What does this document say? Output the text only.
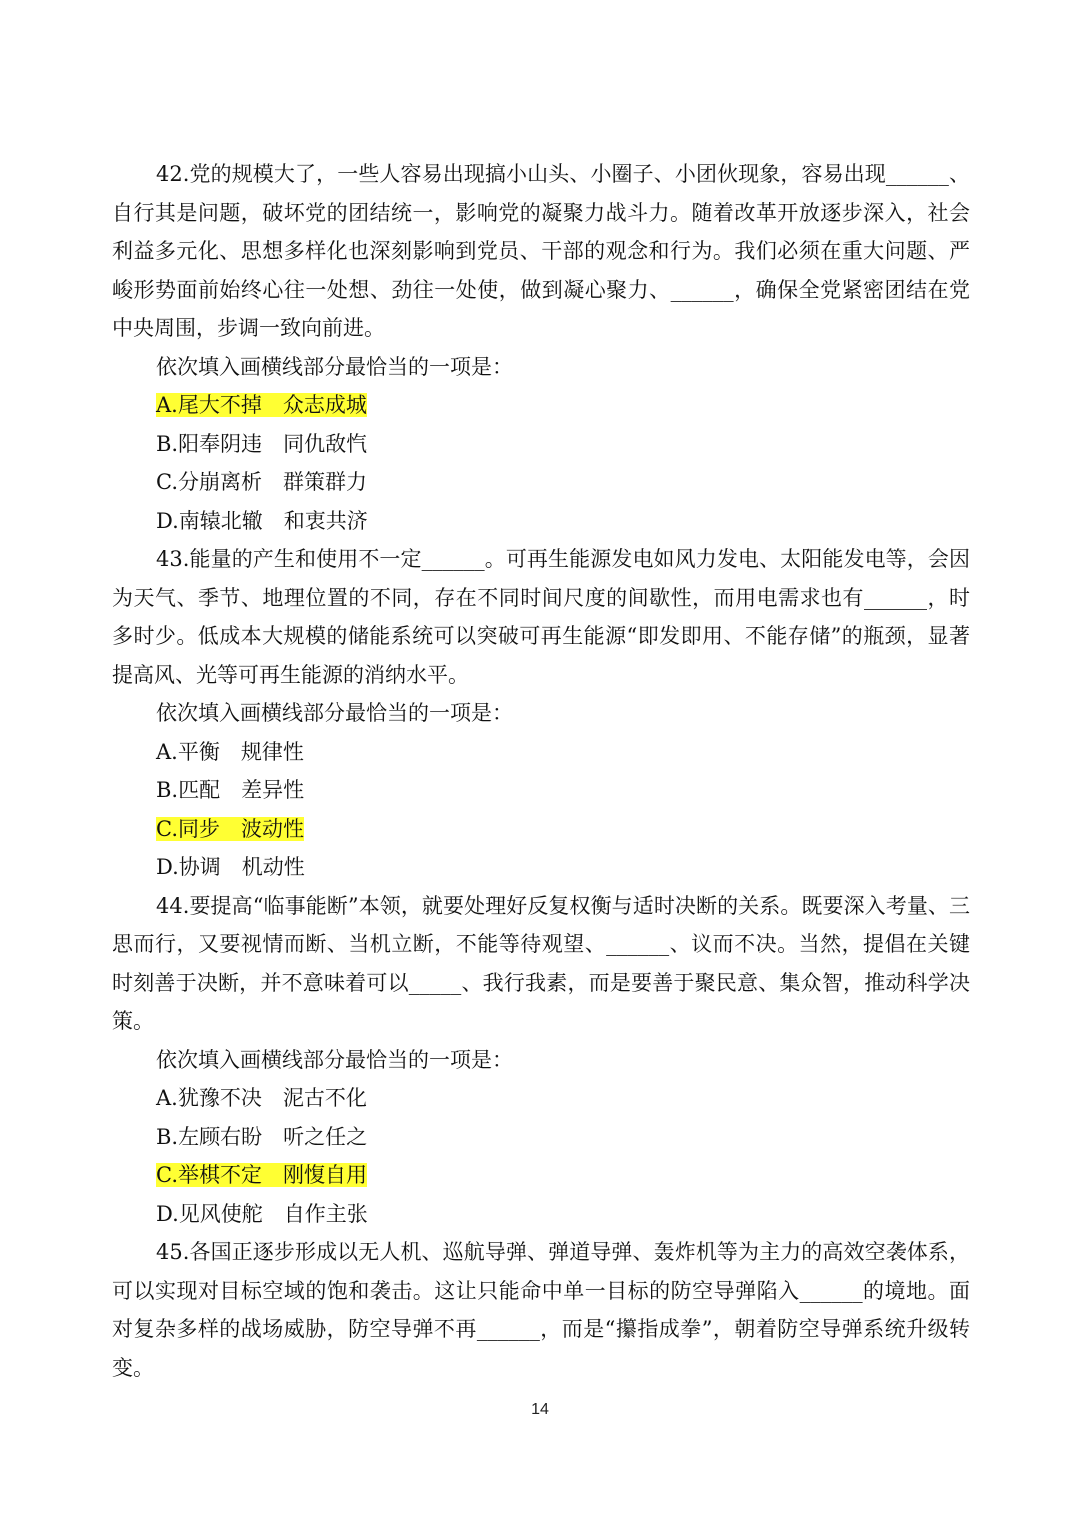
42.党的规模大了，一些人容易出现搞小山头、小圈子、小团伙现象，容易出现______、自行其是问题，破坏党的团结统一，影响党的凝聚力战斗力。随着改革开放逐步深入，社会利益多元化、思想多样化也深刻影响到党员、干部的观念和行为。我们必须在重大问题、严峻形势面前始终心往一处想、劲往一处使，做到凝心聚力、______，确保全党紧密团结在党中央周围，步调一致向前进。

依次填入画横线部分最恰当的一项是：
A.尾大不掉　众志成城
B.阳奉阴违　同仇敌忾
C.分崩离析　群策群力
D.南辕北辙　和衷共济

43.能量的产生和使用不一定______。可再生能源发电如风力发电、太阳能发电等，会因为天气、季节、地理位置的不同，存在不同时间尺度的间歇性，而用电需求也有______，时多时少。低成本大规模的储能系统可以突破可再生能源“即发即用、不能存储”的瓶颈，显著提高风、光等可再生能源的消纳水平。

依次填入画横线部分最恰当的一项是：
A.平衡　规律性
B.匹配　差异性
C.同步　波动性
D.协调　机动性

44.要提高“临事能断”本领，就要处理好反复权衡与适时决断的关系。既要深入考量、三思而行，又要视情而断、当机立断，不能等待观望、______、议而不决。当然，提倡在关键时刻善于决断，并不意味着可以_____、我行我素，而是要善于聚民意、集众智，推动科学决策。

依次填入画横线部分最恰当的一项是：
A.犹豫不决　泥古不化
B.左顾右盼　听之任之
C.举棋不定　刚愎自用
D.见风使舵　自作主张

45.各国正逐步形成以无人机、巡航导弹、弹道导弹、轰炸机等为主力的高效空袭体系，可以实现对目标空域的饱和袭击。这让只能命中单一目标的防空导弹陷入______的境地。面对复杂多样的战场威胁，防空导弹不再______，而是“攥指成拳”，朝着防空导弹系统升级转变。

14
